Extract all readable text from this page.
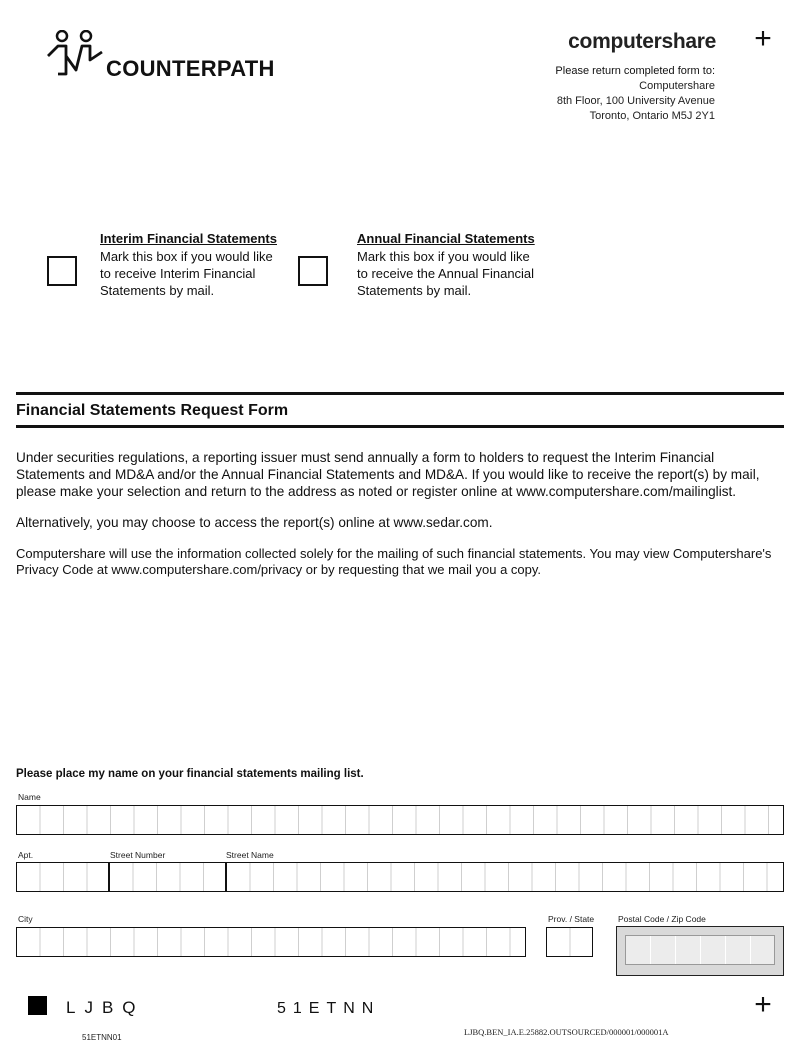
COUNTERPATH
computershare +
Please return completed form to:
Computershare
8th Floor, 100 University Avenue
Toronto, Ontario M5J 2Y1
Interim Financial Statements
Mark this box if you would like to receive Interim Financial Statements by mail.
Annual Financial Statements
Mark this box if you would like to receive the Annual Financial Statements by mail.
Financial Statements Request Form
Under securities regulations, a reporting issuer must send annually a form to holders to request the Interim Financial Statements and MD&A and/or the Annual Financial Statements and MD&A. If you would like to receive the report(s) by mail, please make your selection and return to the address as noted or register online at www.computershare.com/mailinglist.
Alternatively, you may choose to access the report(s) online at www.sedar.com.
Computershare will use the information collected solely for the mailing of such financial statements. You may view Computershare's Privacy Code at www.computershare.com/privacy or by requesting that we mail you a copy.
Please place my name on your financial statements mailing list.
Name
Apt.	Street Number	Street Name
City	Prov. / State	Postal Code / Zip Code
LJBQ	51ETNN	+
51ETNN01
LJBQ.BEN_IA.E.25882.OUTSOURCED/000001/000001A
